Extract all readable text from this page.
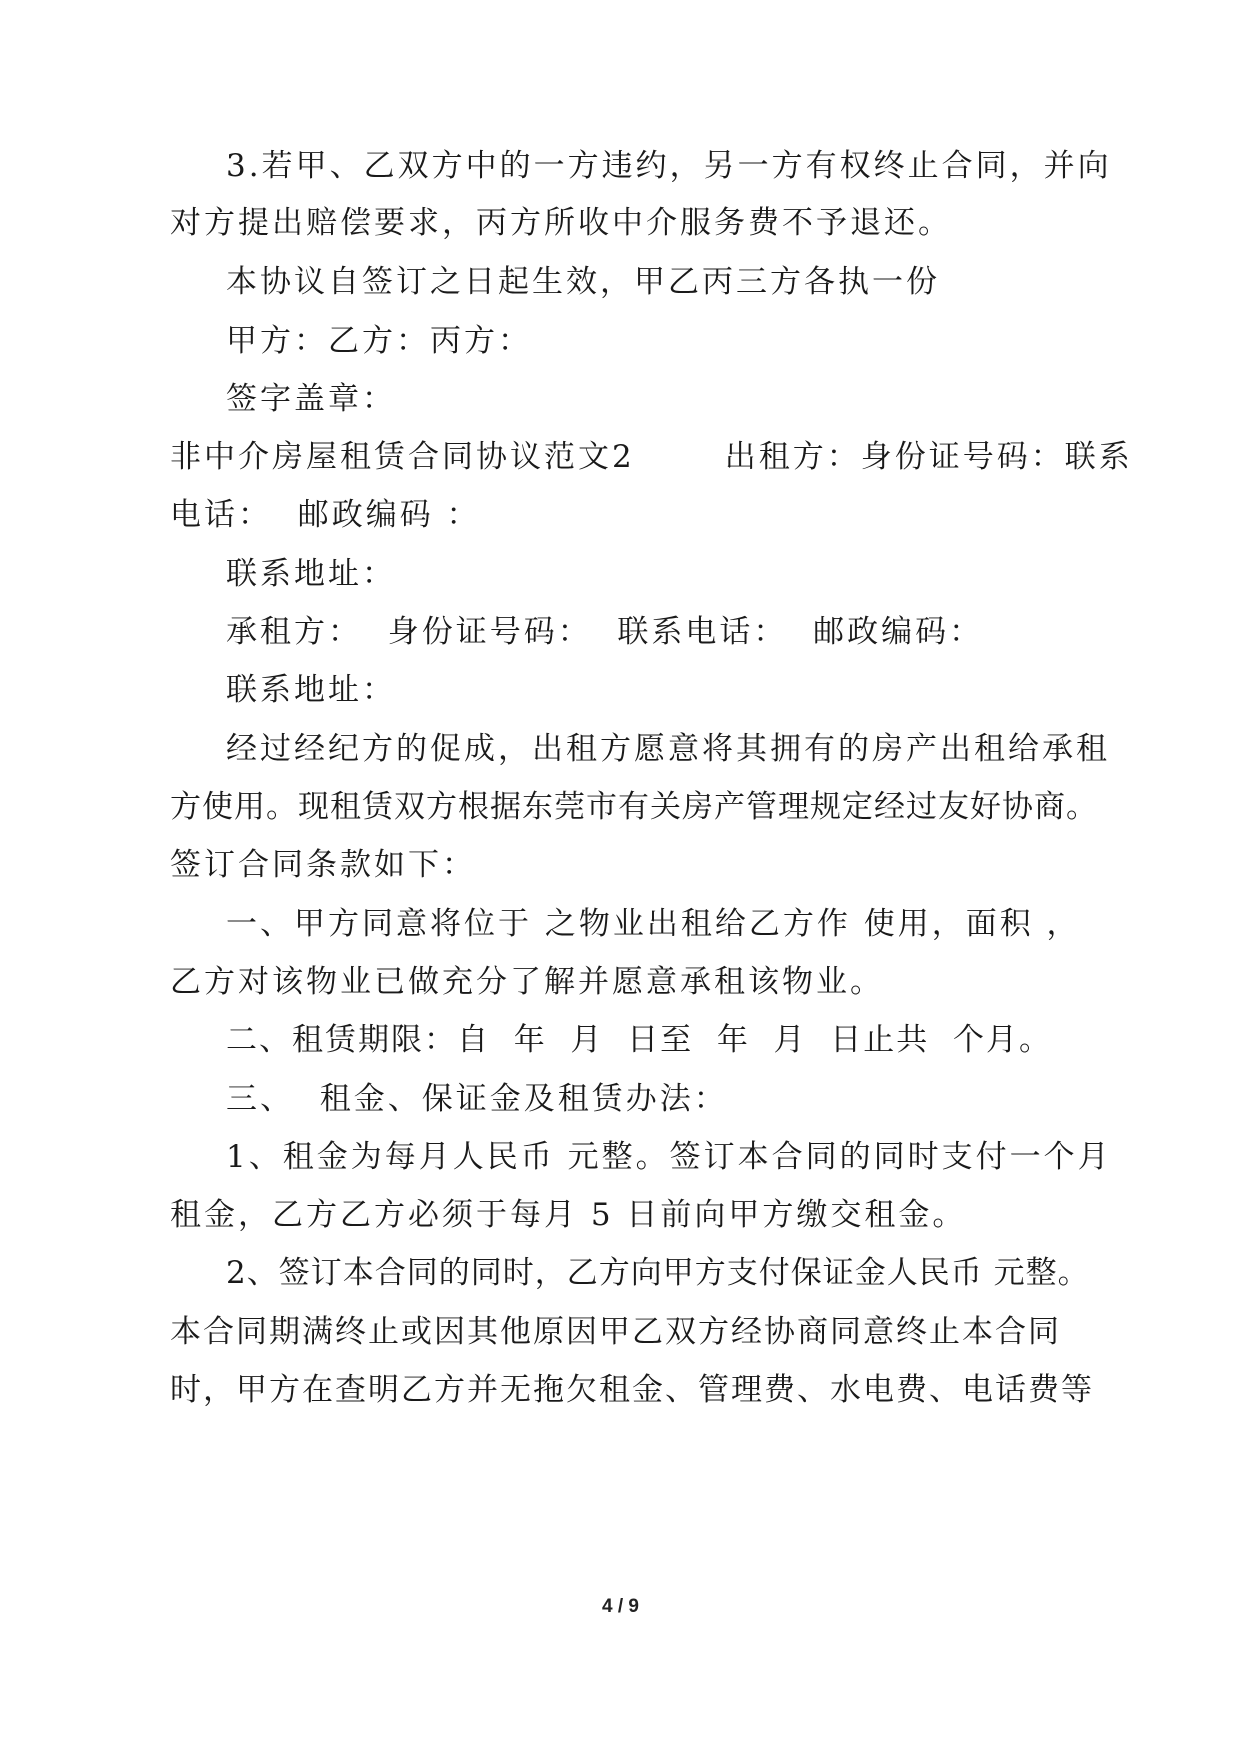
3.若甲、乙双方中的一方违约，另一方有权终止合同，并向
对方提出赔偿要求，丙方所收中介服务费不予退还。
本协议自签订之日起生效，甲乙丙三方各执一份
甲方：乙方：丙方：
签字盖章：
非中介房屋租赁合同协议范文2       出租方：身份证号码：联系
电话：  邮政编码 ：
联系地址：
承租方：  身份证号码：  联系电话：  邮政编码：
联系地址：
经过经纪方的促成，出租方愿意将其拥有的房产出租给承租
方使用。现租赁双方根据东莞市有关房产管理规定经过友好协商。
签订合同条款如下：
一、甲方同意将位于 之物业出租给乙方作 使用，面积 ，
乙方对该物业已做充分了解并愿意承租该物业。
二、租赁期限：自  年  月  日至  年  月  日止共  个月。
三、  租金、保证金及租赁办法：
1、租金为每月人民币 元整。签订本合同的同时支付一个月
租金，乙方乙方必须于每月 5 日前向甲方缴交租金。
2、签订本合同的同时，乙方向甲方支付保证金人民币 元整。
本合同期满终止或因其他原因甲乙双方经协商同意终止本合同
时，甲方在查明乙方并无拖欠租金、管理费、水电费、电话费等
4 / 9
